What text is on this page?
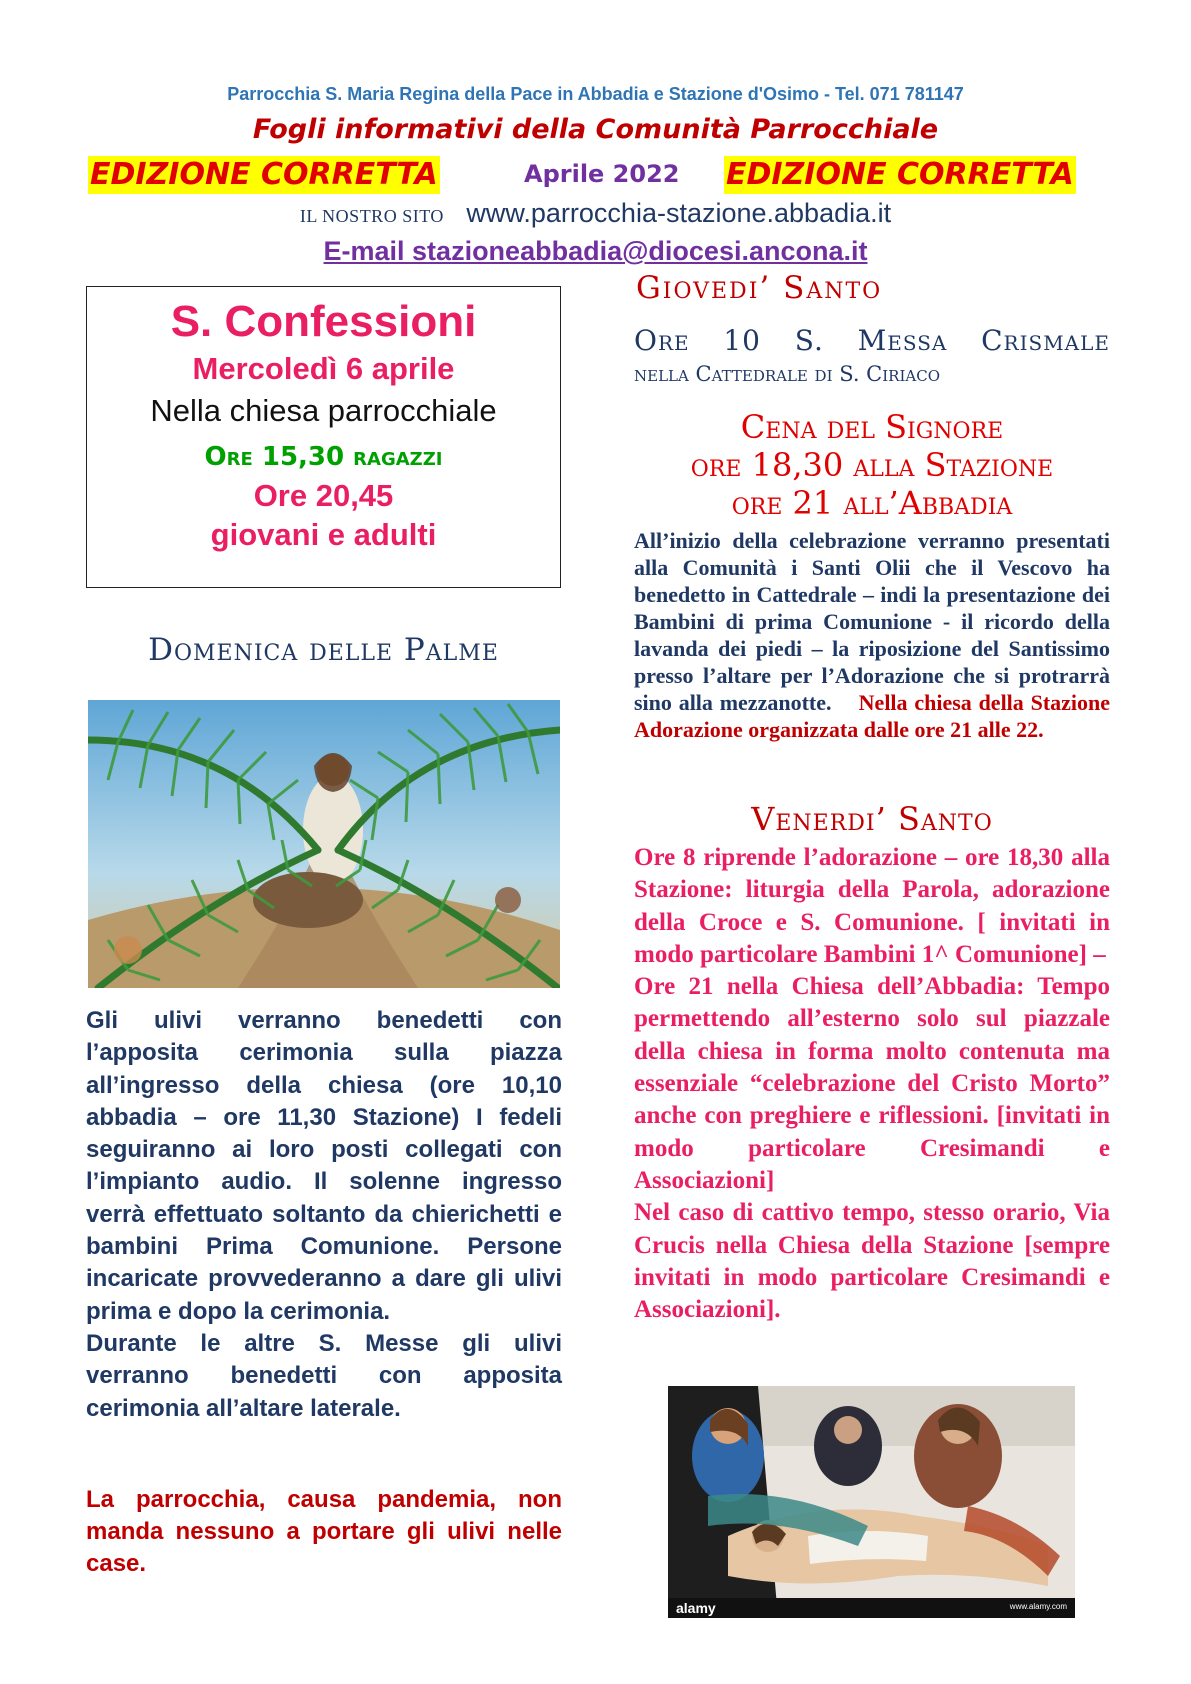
Parrocchia S. Maria Regina della Pace in Abbadia e Stazione d'Osimo - Tel. 071 781147
Fogli informativi della Comunità Parrocchiale
EDIZIONE CORRETTA	Aprile 2022 EDIZIONE CORRETTA
IL NOSTRO SITO www.parrocchia-stazione.abbadia.it
E-mail stazioneabbadia@diocesi.ancona.it
S. Confessioni
Mercoledì 6 aprile
Nella chiesa parrocchiale
Ore 15,30 ragazzi
Ore 20,45
giovani e adulti
Domenica delle Palme

Gli ulivi verranno benedetti con l’apposita cerimonia sulla piazza all’ingresso della chiesa (ore 10,10 abbadia – ore 11,30 Stazione) I fedeli seguiranno ai loro posti collegati con l’impianto audio. Il solenne ingresso verrà effettuato soltanto da chierichetti e bambini Prima Comunione. Persone incaricate provvederanno a dare gli ulivi prima e dopo la cerimonia.

Durante le altre S. Messe gli ulivi verranno benedetti con apposita cerimonia all’altare laterale.

La parrocchia, causa pandemia, non manda nessuno a portare gli ulivi nelle case.
Giovedi’ Santo
Ore 10 S. Messa Crismale
nella Cattedrale di S. Ciriaco
Cena del Signore
ore 18,30 alla Stazione
ore 21 all’Abbadia
All’inizio della celebrazione verranno presentati alla Comunità i Santi Olii che il Vescovo ha benedetto in Cattedrale – indi la presentazione dei Bambini di prima Comunione - il ricordo della lavanda dei piedi – la riposizione del Santissimo presso l’altare per l’Adorazione che si protrarrà sino alla mezzanotte. Nella chiesa della Stazione Adorazione organizzata dalle ore 21 alle 22.
Venerdi’ Santo

Ore 8 riprende l’adorazione – ore 18,30 alla Stazione: liturgia della Parola, adorazione della Croce e S. Comunione. [ invitati in modo particolare Bambini 1^ Comunione] –

Ore 21 nella Chiesa dell’Abbadia: Tempo permettendo all’esterno solo sul piazzale della chiesa in forma molto contenuta ma essenziale “celebrazione del Cristo Morto” anche con preghiere e riflessioni. [invitati in modo particolare Cresimandi e Associazioni]

Nel caso di cattivo tempo, stesso orario, Via Crucis nella Chiesa della Stazione [sempre invitati in modo particolare Cresimandi e Associazioni].

alamy	www.alamy.com
